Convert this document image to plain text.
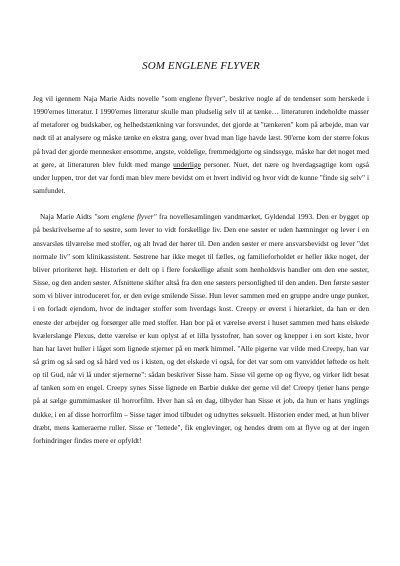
SOM ENGLENE FLYVER

Jeg vil igennem Naja Marie Aidts novelle "som englene flyver", beskrive nogle af de tendenser som herskede i 1990'ernes litteratur. I 1990'ernes litteratur skulle man pludselig selv til at tænke… litteraturen indeholdte masser af metaforer og budskaber, og helhedstænkning var forsvundet, det gjorde at "tænkeren" kom på arbejde, man var nødt til at analysere og måske tænke en ekstra gang, over hvad man lige havde læst. 90'erne kom der større fokus på hvad der gjorde mennesker ensomme, angste, voldelige, fremmedgjorte og sindssyge, måske har det noget med at gøre, at litteraturen blev fuldt med mange underlige personer. Nuet, det nære og hverdagsagtige kom også under luppen, tror det var fordi man blev mere bevidst om et hvert individ og hvor vidt de kunne "finde sig selv" i samfundet.

Naja Marie Aidts "som englene flyver" fra novellesamlingen vandmærket, Gyldendal 1993. Den er bygget op på beskrivelserne af to søstre, som lever to vidt forskellige liv. Den ene søster er uden hæmninger og lever i en ansvarsløs tilværelse med stoffer, og alt hvad der hører til. Den anden søster er mere ansvarsbevidst og lever "det normale liv" som klinikassistent. Søstrene har ikke meget til fælles, og familieforholdet er heller ikke noget, der bliver prioriteret højt. Historien er delt op i flere forskellige afsnit som henholdsvis handler om den ene søster, Sisse, og den anden søster. Afsnittene skifter altså fra den ene søsters personlighed til den anden. Den første søster som vi bliver introduceret for, er den evige smilende Sisse. Hun lever sammen med en gruppe andre unge punker, i en forladt ejendom, hvor de indtager stoffer som hverdags kost. Creepy er øverst i hierarkiet, da han er den eneste der arbejder og forsørger alle med stoffer. Han bor på et værelse øverst i huset sammen med hans elskede kvælerslange Plexus, dette værelse er kun oplyst af et lilla lysstofrør, han sover og knepper i en sort kiste, hvor han har lavet huller i låget som lignede stjerner på en mørk himmel. "Alle pigerne var vilde med Creepy, han var så grim og så sød og så hård ved os i kisten, og det elskede vi også, for det var som om vanviddet løftede os helt op til Gud, når vi lå under stjernerne": sådan beskriver Sisse ham. Sisse vil gerne op og flyve, og virker lidt besat af tanken som en engel. Creepy synes Sisse lignede en Barbie dukke der gerne vil dø! Creepy tjener hans penge på at sælge gummimasker til horrorfilm. Hver han så en dag, tilbyder han Sisse et job, da hun er hans ynglings dukke, i en af disse horrorfilm – Sisse tager imod tilbudet og udnyttes seksuelt. Historien ender med, at hun bliver dræbt, mens kameraerne ruller. Sisse er "lettede", fik englevinger, og hendes drøm om at flyve og at der ingen forhindringer findes mere er opfyldt!
